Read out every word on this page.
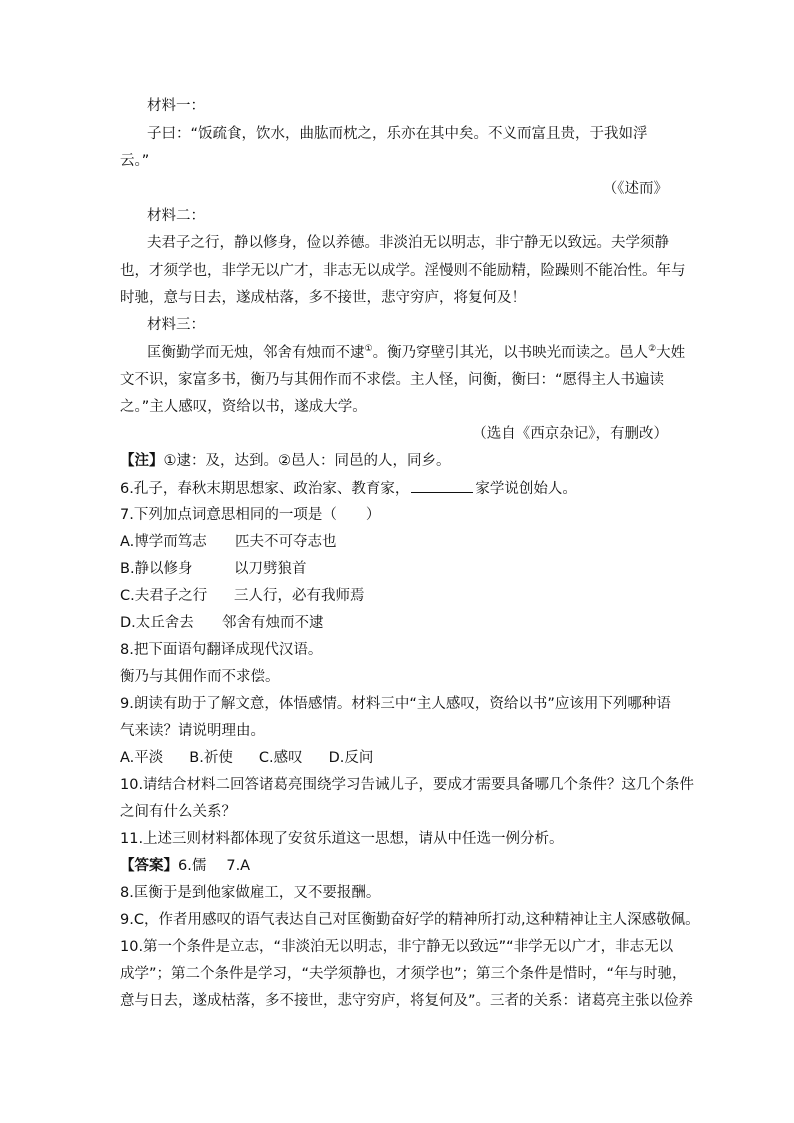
材料一：
子曰：“饭疏食，饮水，曲肱而枕之，乐亦在其中矣。不义而富且贵，于我如浮
云。”
（《述而》
材料二：
夫君子之行，静以修身，俭以养德。非淡泊无以明志，非宁静无以致远。夫学须静
也，才须学也，非学无以广才，非志无以成学。淫慢则不能励精，险躁则不能冶性。年与
时驰，意与日去，遂成枯落，多不接世，悲守穷庐，将复何及！
材料三：
匡衡勤学而无烛，邻舍有烛而不逮①。衡乃穿壁引其光，以书映光而读之。邑人②大姓
文不识，家富多书，衡乃与其佣作而不求偿。主人怪，问衡，衡曰：“愿得主人书遍读
之。”主人感叹，资给以书，遂成大学。
（选自《西京杂记》，有删改）
【注】①逮：及，达到。②邑人：同邑的人，同乡。
6.孔子，春秋末期思想家、政治家、教育家，	家学说创始人。
7.下列加点词意思相同的一项是（　　）
A.博学而笃志 匹夫不可夺志也
B.静以修身	以刀劈狼首
C.夫君子之行 三人行，必有我师焉
D.太丘舍去 邻舍有烛而不逮
8.把下面语句翻译成现代汉语。
衡乃与其佣作而不求偿。
9.朗读有助于了解文意，体悟感情。材料三中“主人感叹，资给以书”应该用下列哪种语
气来读？请说明理由。
A.平淡 B.祈使 C.感叹 D.反问
10.请结合材料二回答诸葛亮围绕学习告诫儿子，要成才需要具备哪几个条件？这几个条件
之间有什么关系？
11.上述三则材料都体现了安贫乐道这一思想，请从中任选一例分析。
【答案】6.儒 7.A
8.匡衡于是到他家做雇工，又不要报酬。
9.C，作者用感叹的语气表达自己对匡衡勤奋好学的精神所打动,这种精神让主人深感敬佩。
10.第一个条件是立志，“非淡泊无以明志，非宁静无以致远”“非学无以广才，非志无以
成学”；第二个条件是学习，“夫学须静也，才须学也”；第三个条件是惜时，“年与时驰，
意与日去，遂成枯落，多不接世，悲守穷庐，将复何及”。三者的关系：诸葛亮主张以俭养
